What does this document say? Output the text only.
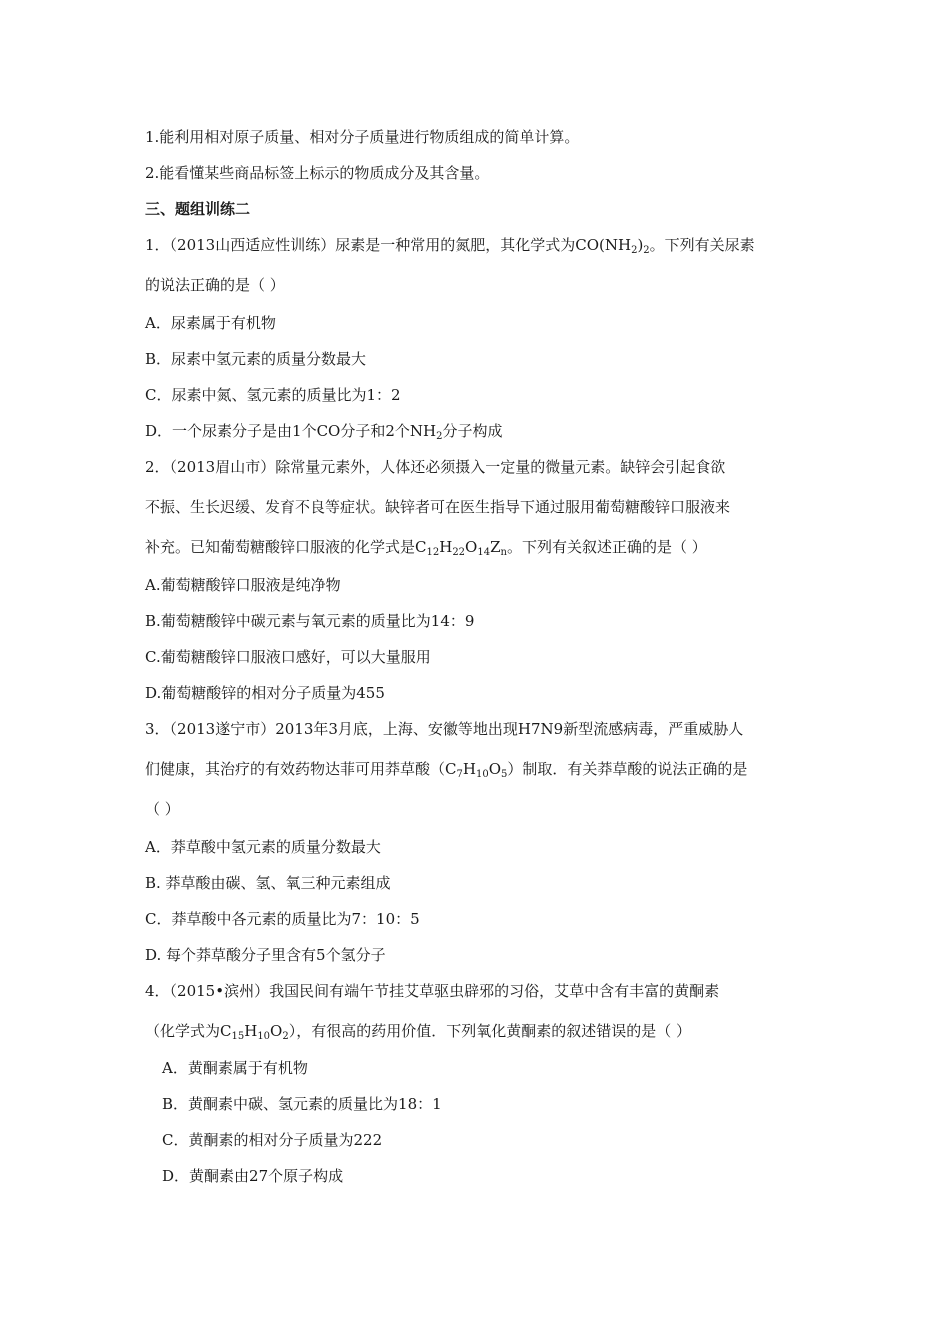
1.能利用相对原子质量、相对分子质量进行物质组成的简单计算。
2.能看懂某些商品标签上标示的物质成分及其含量。
三、题组训练二
1．（2013山西适应性训练）尿素是一种常用的氮肥，其化学式为$CO(NH_2)_2$。下列有关尿素
的说法正确的是（ ）
A．尿素属于有机物
B．尿素中氢元素的质量分数最大
C．尿素中氮、氢元素的质量比为1：2
D．一个尿素分子是由1个CO分子和2个$NH_2$分子构成
2．（2013眉山市）除常量元素外，人体还必须摄入一定量的微量元素。缺锌会引起食欲
不振、生长迟缓、发育不良等症状。缺锌者可在医生指导下通过服用葡萄糖酸锌口服液来
补充。已知葡萄糖酸锌口服液的化学式是$C_{12}H_{22}O_{14}Z_n$。下列有关叙述正确的是（ ）
A.葡萄糖酸锌口服液是纯净物
B.葡萄糖酸锌中碳元素与氧元素的质量比为14：9
C.葡萄糖酸锌口服液口感好，可以大量服用
D.葡萄糖酸锌的相对分子质量为455
3．（2013遂宁市）2013年3月底，上海、安徽等地出现H7N9新型流感病毒，严重威胁人
们健康，其治疗的有效药物达菲可用莽草酸$(C_7H_{10}O_5)$制取．有关莽草酸的说法正确的是
（ ）
A．莽草酸中氢元素的质量分数最大
B. 莽草酸由碳、氢、氧三种元素组成
C．莽草酸中各元素的质量比为7：10：5
D. 每个莽草酸分子里含有5个氢分子
4．（2015•滨州）我国民间有端午节挂艾草驱虫辟邪的习俗，艾草中含有丰富的黄酮素
（化学式为$C_{15}H_{10}O_2$），有很高的药用价值．下列氧化黄酮素的叙述错误的是（ ）
A．黄酮素属于有机物
B．黄酮素中碳、氢元素的质量比为18：1
C．黄酮素的相对分子质量为222
D．黄酮素由27个原子构成
